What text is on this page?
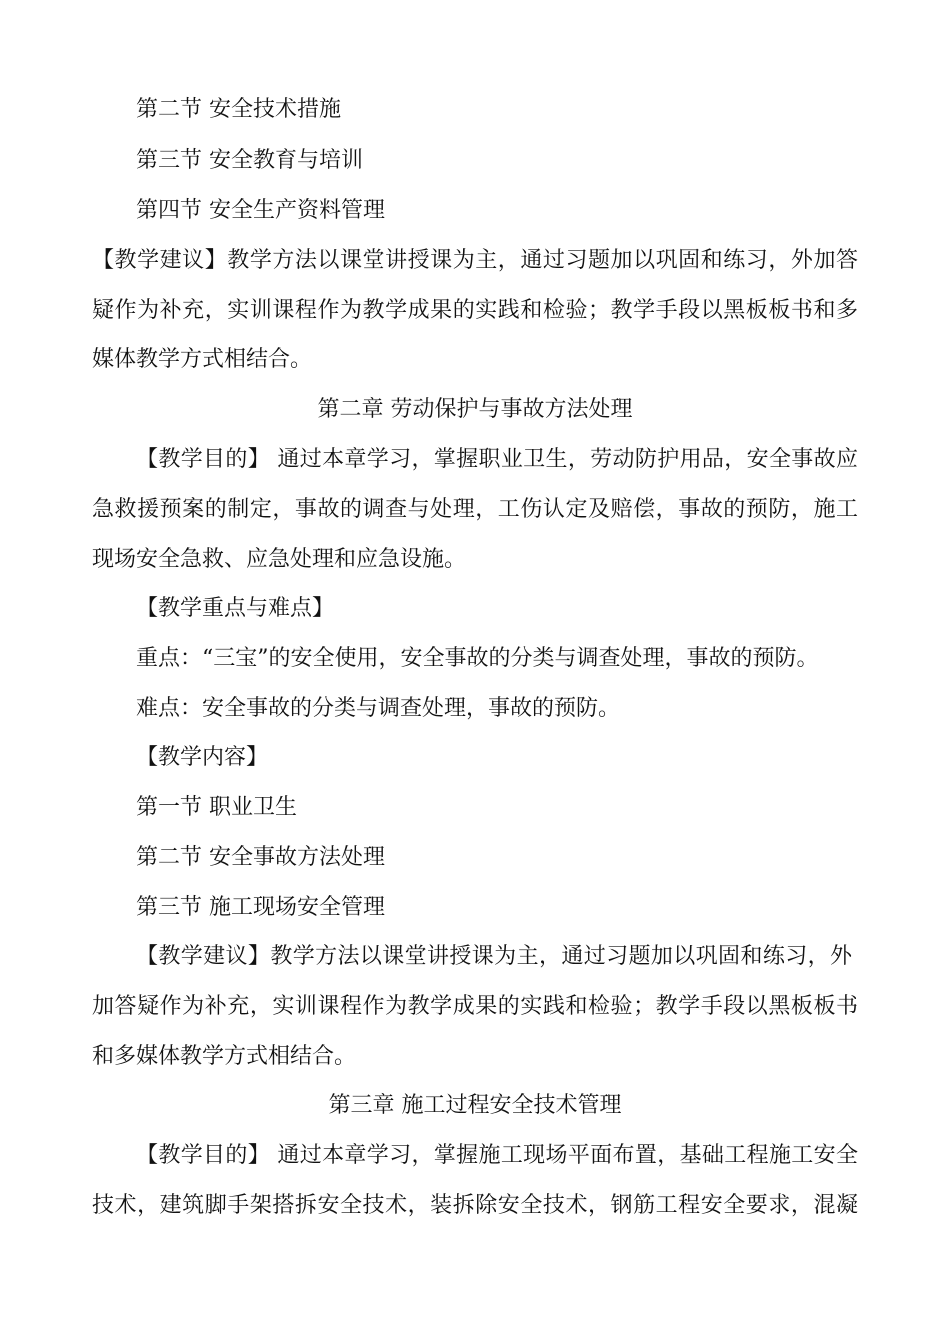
第二节 安全技术措施
第三节 安全教育与培训
第四节 安全生产资料管理
【教学建议】教学方法以课堂讲授课为主，通过习题加以巩固和练习，外加答
疑作为补充，实训课程作为教学成果的实践和检验；教学手段以黑板板书和多
媒体教学方式相结合。
第二章 劳动保护与事故方法处理
【教学目的】 通过本章学习，掌握职业卫生，劳动防护用品，安全事故应
急救援预案的制定，事故的调查与处理，工伤认定及赔偿，事故的预防，施工
现场安全急救、应急处理和应急设施。
【教学重点与难点】
重点：“三宝”的安全使用，安全事故的分类与调查处理，事故的预防。
难点：安全事故的分类与调查处理，事故的预防。
【教学内容】
第一节 职业卫生
第二节 安全事故方法处理
第三节 施工现场安全管理
【教学建议】教学方法以课堂讲授课为主，通过习题加以巩固和练习，外
加答疑作为补充，实训课程作为教学成果的实践和检验；教学手段以黑板板书
和多媒体教学方式相结合。
第三章 施工过程安全技术管理
【教学目的】 通过本章学习，掌握施工现场平面布置，基础工程施工安全
技术，建筑脚手架搭拆安全技术，装拆除安全技术，钢筋工程安全要求，混凝
